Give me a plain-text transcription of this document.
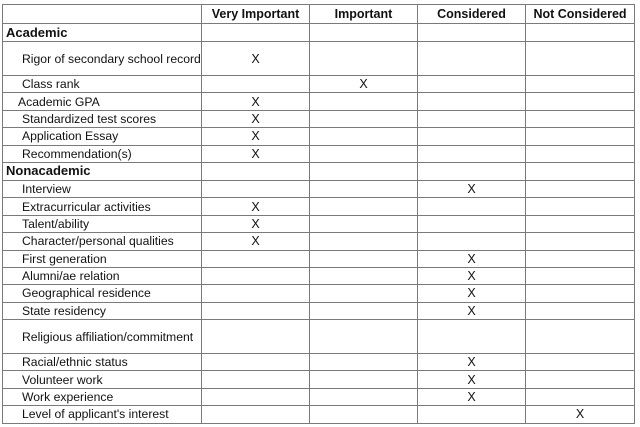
	Very Important	Important	Considered	Not Considered
Academic				
Rigor of secondary school record	X			
Class rank		X		
Academic GPA	X			
Standardized test scores	X			
Application Essay	X			
Recommendation(s)	X			
Nonacademic				
Interview			X	
Extracurricular activities	X			
Talent/ability	X			
Character/personal qualities	X			
First generation			X	
Alumni/ae relation			X	
Geographical residence			X	
State residency			X	
Religious affiliation/commitment				
Racial/ethnic status			X	
Volunteer work			X	
Work experience			X	
Level of applicant's interest				X
